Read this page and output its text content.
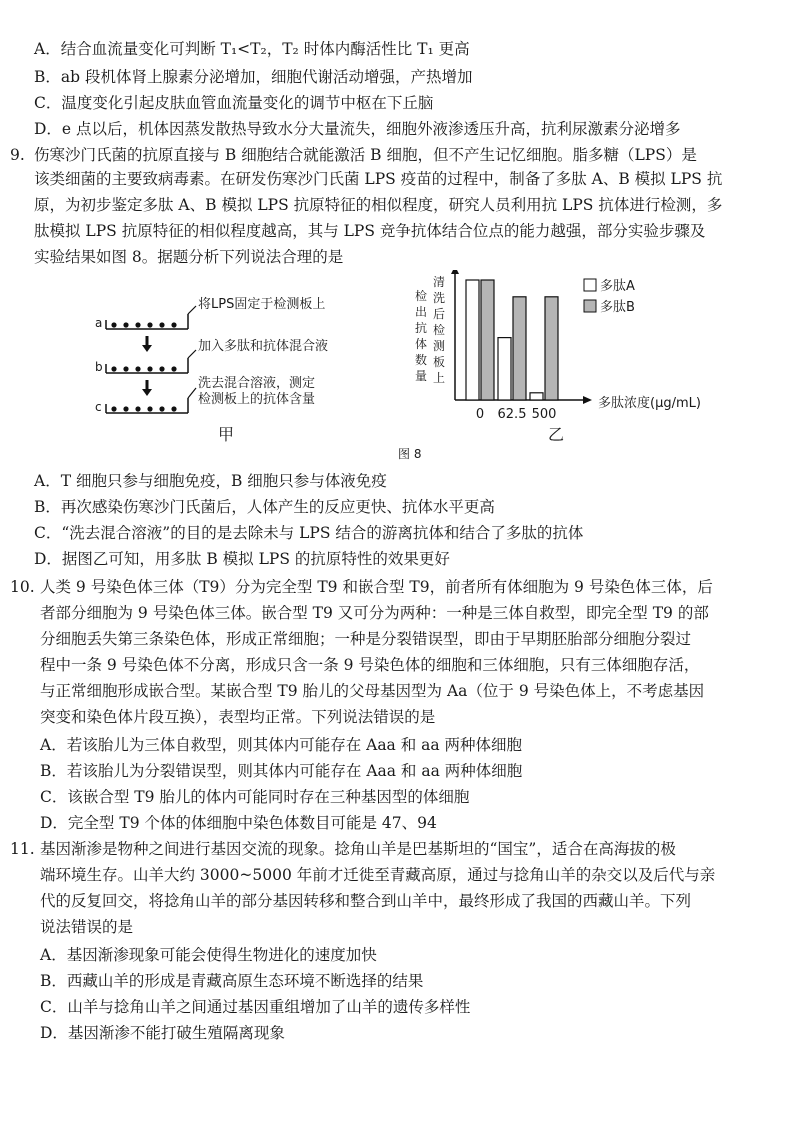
A．结合血流量变化可判断 T₁<T₂，T₂ 时体内酶活性比 T₁ 更高
B．ab 段机体肾上腺素分泌增加，细胞代谢活动增强，产热增加
C．温度变化引起皮肤血管血流量变化的调节中枢在下丘脑
D．e 点以后，机体因蒸发散热导致水分大量流失，细胞外液渗透压升高，抗利尿激素分泌增多
9. 伤寒沙门氏菌的抗原直接与 B 细胞结合就能激活 B 细胞，但不产生记忆细胞。脂多糖（LPS）是
该类细菌的主要致病毒素。在研发伤寒沙门氏菌 LPS 疫苗的过程中，制备了多肽 A、B 模拟 LPS 抗
原，为初步鉴定多肽 A、B 模拟 LPS 抗原特征的相似程度，研究人员利用抗 LPS 抗体进行检测，多
肽模拟 LPS 抗原特征的相似程度越高，其与 LPS 竞争抗体结合位点的能力越强，部分实验步骤及
实验结果如图 8。据题分析下列说法合理的是
a
将LPS固定于检测板上
b
加入多肽和抗体混合液
c
洗去混合溶液，测定
检测板上的抗体含量
甲
清
洗
后
检
测
板
上
检
出
抗
体
数
量
0 62.5 500
多肽浓度(μg/mL)
多肽A
多肽B
乙
图 8
A．T 细胞只参与细胞免疫，B 细胞只参与体液免疫
B．再次感染伤寒沙门氏菌后，人体产生的反应更快、抗体水平更高
C．“洗去混合溶液”的目的是去除未与 LPS 结合的游离抗体和结合了多肽的抗体
D．据图乙可知，用多肽 B 模拟 LPS 的抗原特性的效果更好
10. 人类 9 号染色体三体（T9）分为完全型 T9 和嵌合型 T9，前者所有体细胞为 9 号染色体三体，后
者部分细胞为 9 号染色体三体。嵌合型 T9 又可分为两种：一种是三体自救型，即完全型 T9 的部
分细胞丢失第三条染色体，形成正常细胞；一种是分裂错误型，即由于早期胚胎部分细胞分裂过
程中一条 9 号染色体不分离，形成只含一条 9 号染色体的细胞和三体细胞，只有三体细胞存活，
与正常细胞形成嵌合型。某嵌合型 T9 胎儿的父母基因型为 Aa（位于 9 号染色体上，不考虑基因
突变和染色体片段互换），表型均正常。下列说法错误的是
A．若该胎儿为三体自救型，则其体内可能存在 Aaa 和 aa 两种体细胞
B．若该胎儿为分裂错误型，则其体内可能存在 Aaa 和 aa 两种体细胞
C．该嵌合型 T9 胎儿的体内可能同时存在三种基因型的体细胞
D．完全型 T9 个体的体细胞中染色体数目可能是 47、94
11. 基因渐渗是物种之间进行基因交流的现象。捻角山羊是巴基斯坦的“国宝”，适合在高海拔的极
端环境生存。山羊大约 3000~5000 年前才迁徙至青藏高原，通过与捻角山羊的杂交以及后代与亲
代的反复回交，将捻角山羊的部分基因转移和整合到山羊中，最终形成了我国的西藏山羊。下列
说法错误的是
A．基因渐渗现象可能会使得生物进化的速度加快
B．西藏山羊的形成是青藏高原生态环境不断选择的结果
C．山羊与捻角山羊之间通过基因重组增加了山羊的遗传多样性
D．基因渐渗不能打破生殖隔离现象
